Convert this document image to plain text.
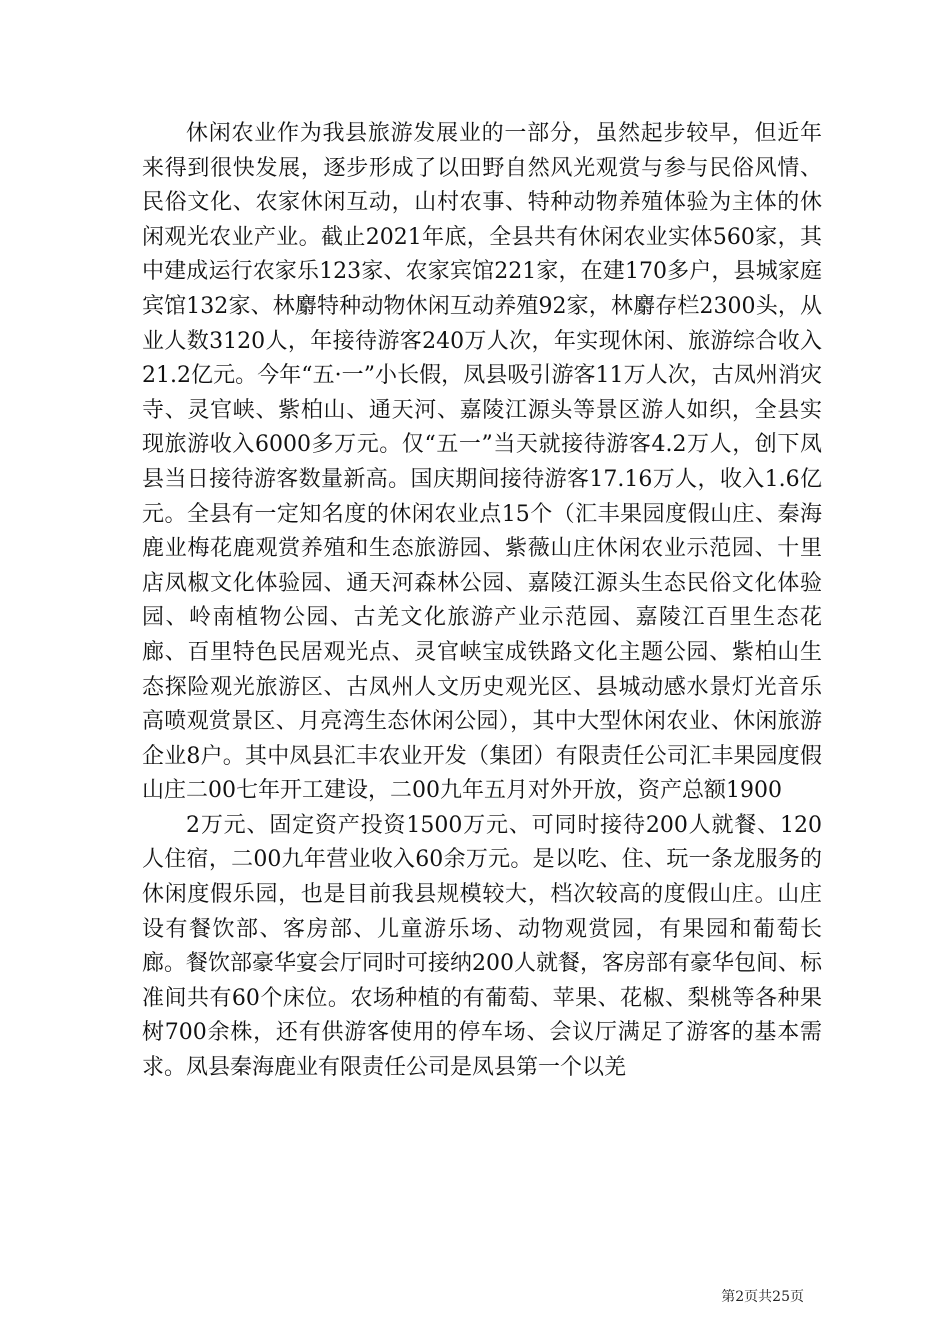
休闲农业作为我县旅游发展业的一部分，虽然起步较早，但近年来得到很快发展，逐步形成了以田野自然风光观赏与参与民俗风情、民俗文化、农家休闲互动，山村农事、特种动物养殖体验为主体的休闲观光农业产业。截止2021年底，全县共有休闲农业实体560家，其中建成运行农家乐123家、农家宾馆221家，在建170多户，县城家庭宾馆132家、林麝特种动物休闲互动养殖92家，林麝存栏2300头，从业人数3120人，年接待游客240万人次，年实现休闲、旅游综合收入21.2亿元。今年“五·一”小长假，凤县吸引游客11万人次，古凤州消灾寺、灵官峡、紫柏山、通天河、嘉陵江源头等景区游人如织，全县实现旅游收入6000多万元。仅“五一”当天就接待游客4.2万人，创下凤县当日接待游客数量新高。国庆期间接待游客17.16万人，收入1.6亿元。全县有一定知名度的休闲农业点15个（汇丰果园度假山庄、秦海鹿业梅花鹿观赏养殖和生态旅游园、紫薇山庄休闲农业示范园、十里店凤椒文化体验园、通天河森林公园、嘉陵江源头生态民俗文化体验园、岭南植物公园、古羌文化旅游产业示范园、嘉陵江百里生态花廊、百里特色民居观光点、灵官峡宝成铁路文化主题公园、紫柏山生态探险观光旅游区、古凤州人文历史观光区、县城动感水景灯光音乐高喷观赏景区、月亮湾生态休闲公园），其中大型休闲农业、休闲旅游企业8户。其中凤县汇丰农业开发（集团）有限责任公司汇丰果园度假山庄二00七年开工建设，二00九年五月对外开放，资产总额1900

2万元、固定资产投资1500万元、可同时接待200人就餐、120人住宿，二00九年营业收入60余万元。是以吃、住、玩一条龙服务的休闲度假乐园，也是目前我县规模较大，档次较高的度假山庄。山庄设有餐饮部、客房部、儿童游乐场、动物观赏园，有果园和葡萄长廊。餐饮部豪华宴会厅同时可接纳200人就餐，客房部有豪华包间、标准间共有60个床位。农场种植的有葡萄、苹果、花椒、梨桃等各种果树700余株，还有供游客使用的停车场、会议厅满足了游客的基本需求。凤县秦海鹿业有限责任公司是凤县第一个以羌

第2页共25页
